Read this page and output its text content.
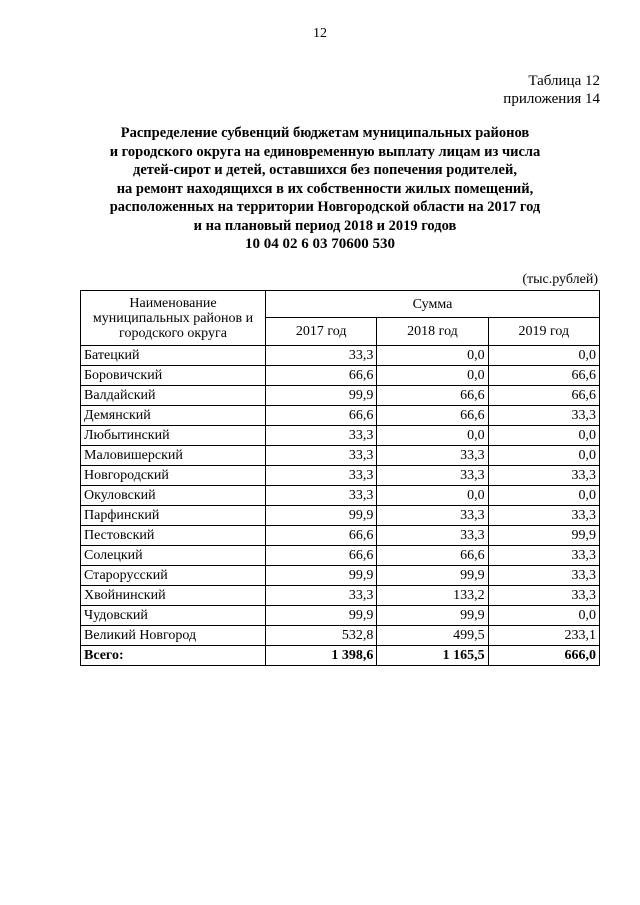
12
Таблица 12
приложения 14
Распределение субвенций бюджетам муниципальных районов
и городского округа на единовременную выплату лицам из числа
детей-сирот и детей, оставшихся без попечения родителей,
на ремонт находящихся в их собственности жилых помещений,
расположенных на территории Новгородской области на 2017 год
и на плановый период 2018 и 2019 годов
10 04 02 6 03 70600 530
(тыс.рублей)
Наименование муниципальных районов и городского округа	Сумма		
	2017 год	2018 год	2019 год
Батецкий	33,3	0,0	0,0
Боровичский	66,6	0,0	66,6
Валдайский	99,9	66,6	66,6
Демянский	66,6	66,6	33,3
Любытинский	33,3	0,0	0,0
Маловишерский	33,3	33,3	0,0
Новгородский	33,3	33,3	33,3
Окуловский	33,3	0,0	0,0
Парфинский	99,9	33,3	33,3
Пестовский	66,6	33,3	99,9
Солецкий	66,6	66,6	33,3
Старорусский	99,9	99,9	33,3
Хвойнинский	33,3	133,2	33,3
Чудовский	99,9	99,9	0,0
Великий Новгород	532,8	499,5	233,1
Всего:	1 398,6	1 165,5	666,0
